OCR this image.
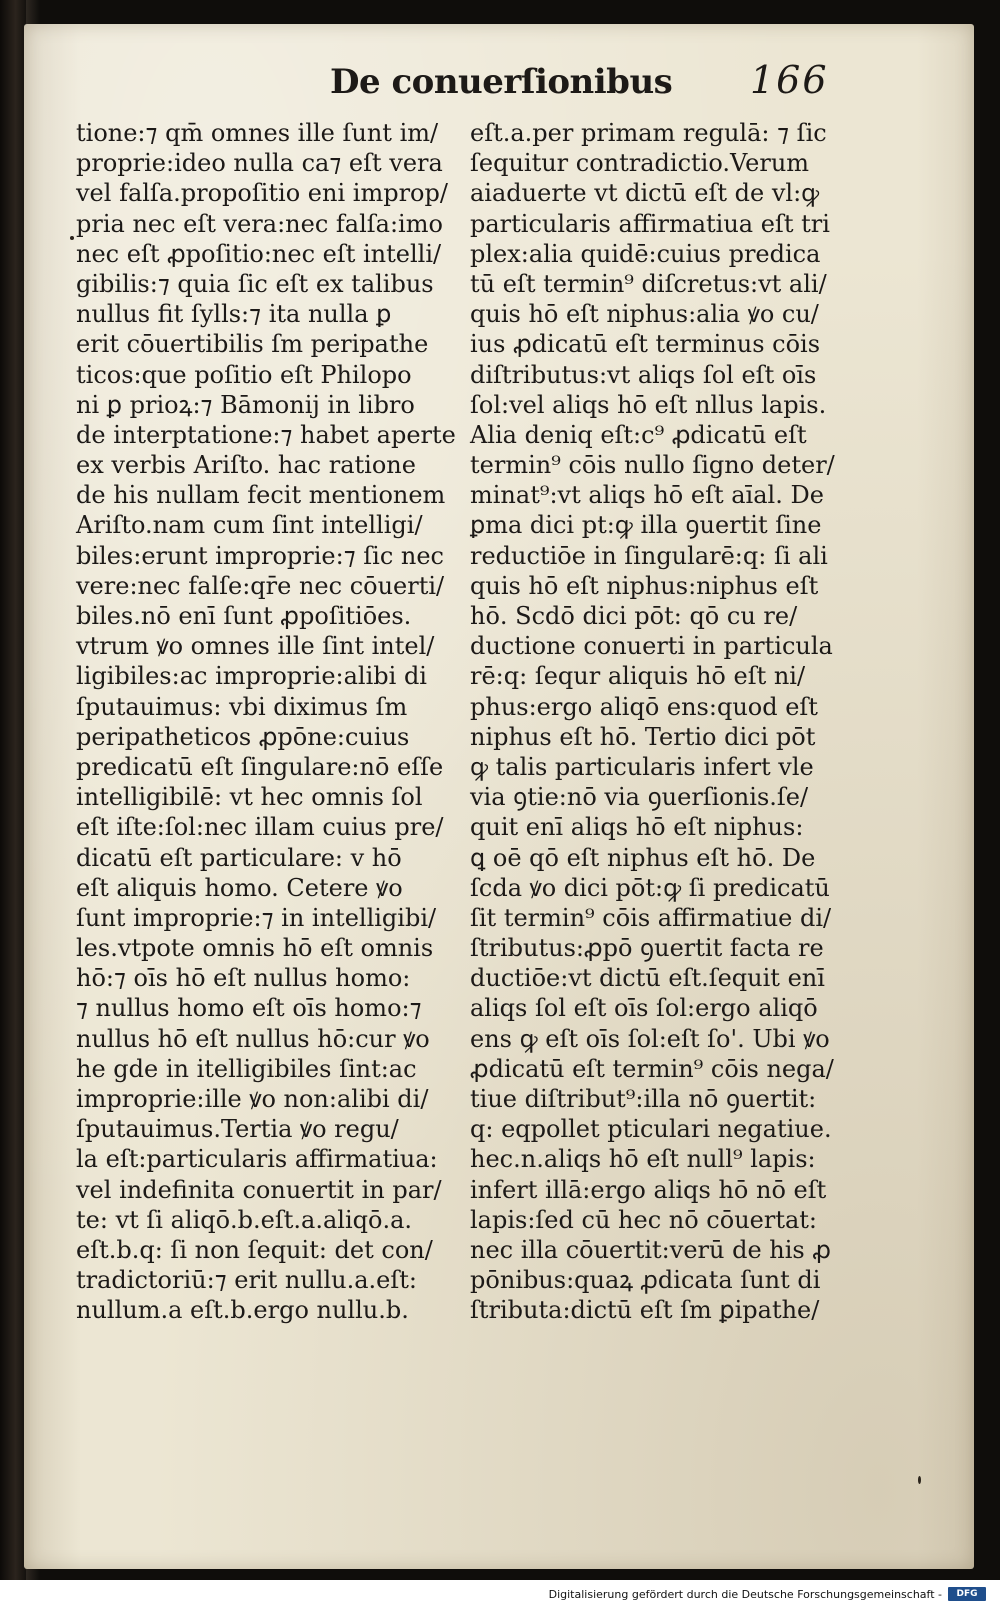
De conuerſionibus 166
tione:⁊ qm̄ omnes ille ſunt im/
proprie:ideo nulla ca⁊ eſt vera
vel falſa.propoſitio eni improp/
pria nec eſt vera:nec falſa:imo
nec eſt ꝓpoſitio:nec eſt intelli/
gibilis:⁊ quia ſic eſt ex talibus
nullus fit ſylls:⁊ ita nulla ꝑ
erit cōuertibilis ſm peripathe
ticos:que poſitio eſt Philopo
ni ꝑ prioꝝ:⁊ Bāmonij in libro
de interptatione:⁊ habet aperte
ex verbis Ariſto. hac ratione
de his nullam fecit mentionem
Ariſto.nam cum ſint intelligi/
biles:erunt improprie:⁊ ſic nec
vere:nec falſe:qr̄e nec cōuerti/
biles.nō enī ſunt ꝓpoſitiōes.
vtrum ꝟo omnes ille ſint intel/
ligibiles:ac improprie:alibi di
ſputauimus: vbi diximus ſm
peripatheticos ꝓpōne:cuius
predicatū eſt ſingulare:nō eſſe
intelligibilē: vt hec omnis ſol
eſt iſte:ſol:nec illam cuius pre/
dicatū eſt particulare: v hō
eſt aliquis homo. Cetere ꝟo
ſunt improprie:⁊ in intelligibi/
les.vtpote omnis hō eſt omnis
hō:⁊ oīs hō eſt nullus homo:
⁊ nullus homo eſt oīs homo:⁊
nullus hō eſt nullus hō:cur ꝟo
he gde in itelligibiles ſint:ac
improprie:ille ꝟo non:alibi di/
ſputauimus.Tertia ꝟo regu/
la eſt:particularis affirmatiua:
vel indefinita conuertit in par/
te: vt ſi aliqō.b.eſt.a.aliqō.a.
eſt.b.q: ſi non ſequit: det con/
tradictoriū:⁊ erit nullu.a.eſt:
nullum.a eſt.b.ergo nullu.b.
eſt.a.per primam regulā: ⁊ ſic
ſequitur contradictio.Verum
aiaduerte vt dictū eſt de vl:ꝙ
particularis affirmatiua eſt tri
plex:alia quidē:cuius predica
tū eſt termin⁹ diſcretus:vt ali/
quis hō eſt niphus:alia ꝟo cu/
ius ꝓdicatū eſt terminus cōis
diſtributus:vt aliqs ſol eſt oīs
ſol:vel aliqs hō eſt nllus lapis.
Alia deniq eſt:c⁹ ꝓdicatū eſt
termin⁹ cōis nullo ſigno deter/
minat⁹:vt aliqs hō eſt aīal. De
ꝑma dici pt:ꝙ illa ꝯuertit ſine
reductiōe in ſingularē:q: ſi ali
quis hō eſt niphus:niphus eſt
hō. Scdō dici pōt: qō cu re/
ductione conuerti in particula
rē:q: ſequr aliquis hō eſt ni/
phus:ergo aliqō ens:quod eſt
niphus eſt hō. Tertio dici pōt
ꝙ talis particularis infert vle
via ꝯtie:nō via ꝯuerſionis.ſe/
quit enī aliqs hō eſt niphus:
ꝗ oē qō eſt niphus eſt hō. De
ſcda ꝟo dici pōt:ꝙ ſi predicatū
ſit termin⁹ cōis affirmatiue di/
ſtributus:ꝓpō ꝯuertit facta re
ductiōe:vt dictū eſt.ſequit enī
aliqs ſol eſt oīs ſol:ergo aliqō
ens ꝙ eſt oīs ſol:eſt ſo'. Ubi ꝟo
ꝓdicatū eſt termin⁹ cōis nega/
tiue diſtribut⁹:illa nō ꝯuertit:
q: eqpollet pticulari negatiue.
hec.n.aliqs hō eſt null⁹ lapis:
infert illā:ergo aliqs hō nō eſt
lapis:ſed cū hec nō cōuertat:
nec illa cōuertit:verū de his ꝓ
pōnibus:quaꝝ ꝓdicata ſunt di
ſtributa:dictū eſt ſm ꝑipathe/
Digitalisierung gefördert durch die Deutsche Forschungsgemeinschaft -	DFG
